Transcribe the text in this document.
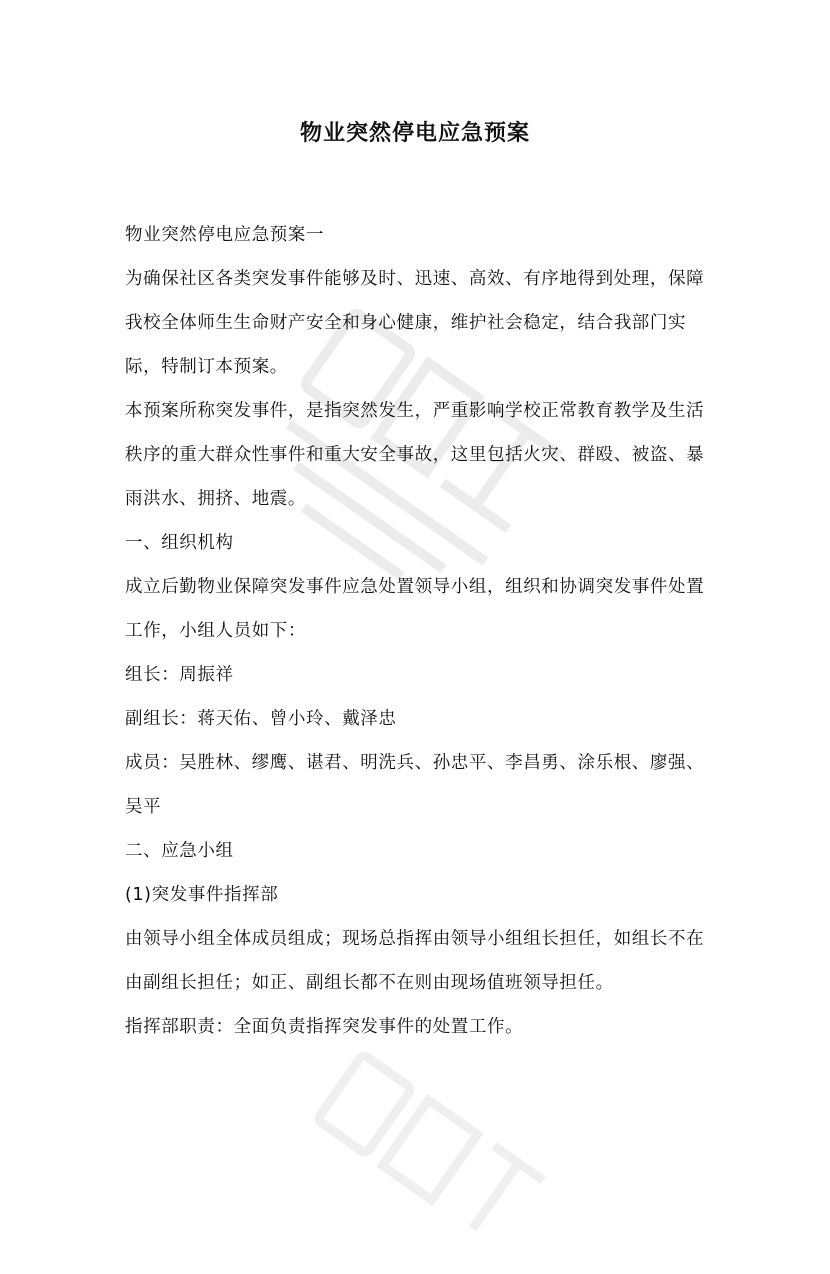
物业突然停电应急预案

物业突然停电应急预案一

为确保社区各类突发事件能够及时、迅速、高效、有序地得到处理，保障我校全体师生生命财产安全和身心健康，维护社会稳定，结合我部门实际，特制订本预案。

本预案所称突发事件，是指突然发生，严重影响学校正常教育教学及生活秩序的重大群众性事件和重大安全事故，这里包括火灾、群殴、被盗、暴雨洪水、拥挤、地震。

一、组织机构

成立后勤物业保障突发事件应急处置领导小组，组织和协调突发事件处置工作，小组人员如下：

组长：周振祥

副组长：蒋天佑、曾小玲、戴泽忠

成员：吴胜林、缪鹰、谌君、明洗兵、孙忠平、李昌勇、涂乐根、廖强、吴平

二、应急小组

(1)突发事件指挥部

由领导小组全体成员组成；现场总指挥由领导小组组长担任，如组长不在由副组长担任；如正、副组长都不在则由现场值班领导担任。

指挥部职责：全面负责指挥突发事件的处置工作。
